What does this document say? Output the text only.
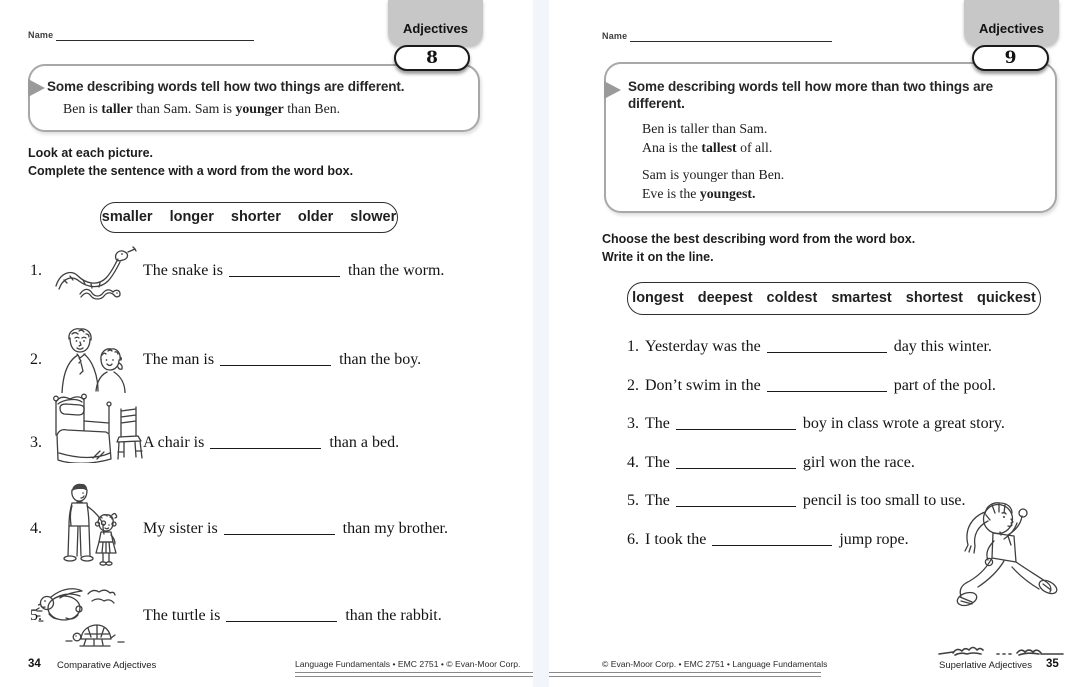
Name	Adjectives
8
Some describing words tell how two things are different.
Ben is taller than Sam. Sam is younger than Ben.
Look at each picture.
Complete the sentence with a word from the word box.
smaller longer shorter older slower
1.	The snake is	than the worm.
2.	The man is	than the boy.
3.	A chair is	than a bed.
4.	My sister is	than my brother.
5.	The turtle is	than the rabbit.
34 Comparative Adjectives	Language Fundamentals • EMC 2751 • © Evan-Moor Corp.
Name	Adjectives
9
Some describing words tell how more than two things are different.
Ben is taller than Sam.
Ana is the tallest of all.
Sam is younger than Ben.
Eve is the youngest.
Choose the best describing word from the word box.
Write it on the line.
longest deepest coldest smartest shortest quickest
1. Yesterday was the	day this winter.
2. Don’t swim in the	part of the pool.
3. The	boy in class wrote a great story.
4. The	girl won the race.
5. The	pencil is too small to use.
6. I took the	jump rope.
© Evan-Moor Corp. • EMC 2751 • Language Fundamentals	Superlative Adjectives 35
